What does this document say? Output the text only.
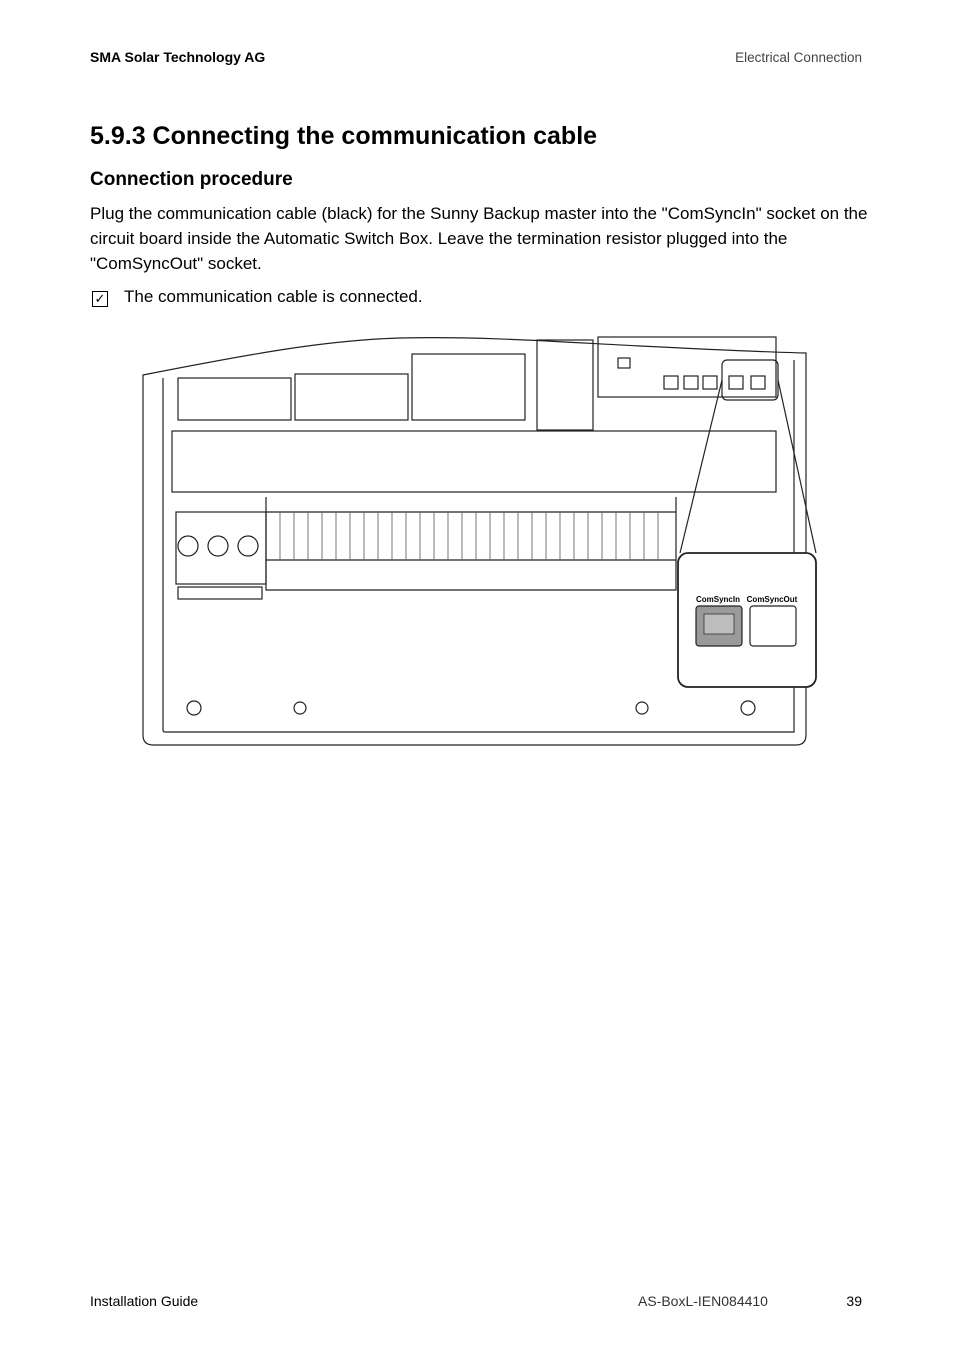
SMA Solar Technology AG	Electrical Connection
5.9.3 Connecting the communication cable
Connection procedure

Plug the communication cable (black) for the Sunny Backup master into the "ComSyncIn" socket on the circuit board inside the Automatic Switch Box. Leave the termination resistor plugged into the "ComSyncOut" socket.

✓ The communication cable is connected.
ComSyncIn ComSyncOut
Installation Guide	AS-BoxL-IEN084410	39
